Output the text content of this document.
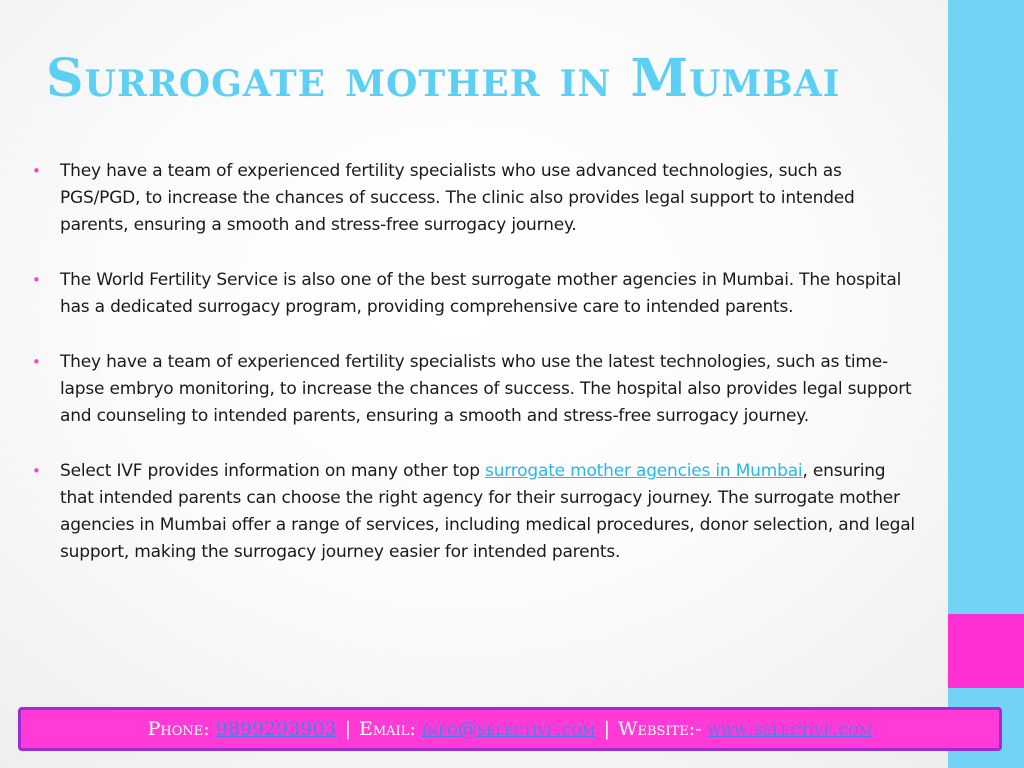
Surrogate mother in Mumbai
•	They have a team of experienced fertility specialists who use advanced technologies, such as PGS/PGD, to increase the chances of success. The clinic also provides legal support to intended parents, ensuring a smooth and stress-free surrogacy journey.
•	The World Fertility Service is also one of the best surrogate mother agencies in Mumbai. The hospital has a dedicated surrogacy program, providing comprehensive care to intended parents.
•	They have a team of experienced fertility specialists who use the latest technologies, such as time-lapse embryo monitoring, to increase the chances of success. The hospital also provides legal support and counseling to intended parents, ensuring a smooth and stress-free surrogacy journey.
•	Select IVF provides information on many other top surrogate mother agencies in Mumbai, ensuring that intended parents can choose the right agency for their surrogacy journey. The surrogate mother agencies in Mumbai offer a range of services, including medical procedures, donor selection, and legal support, making the surrogacy journey easier for intended parents.
Phone: 9899293903 | Email: info@selectivf.com | Website:- www.selectivf.com
